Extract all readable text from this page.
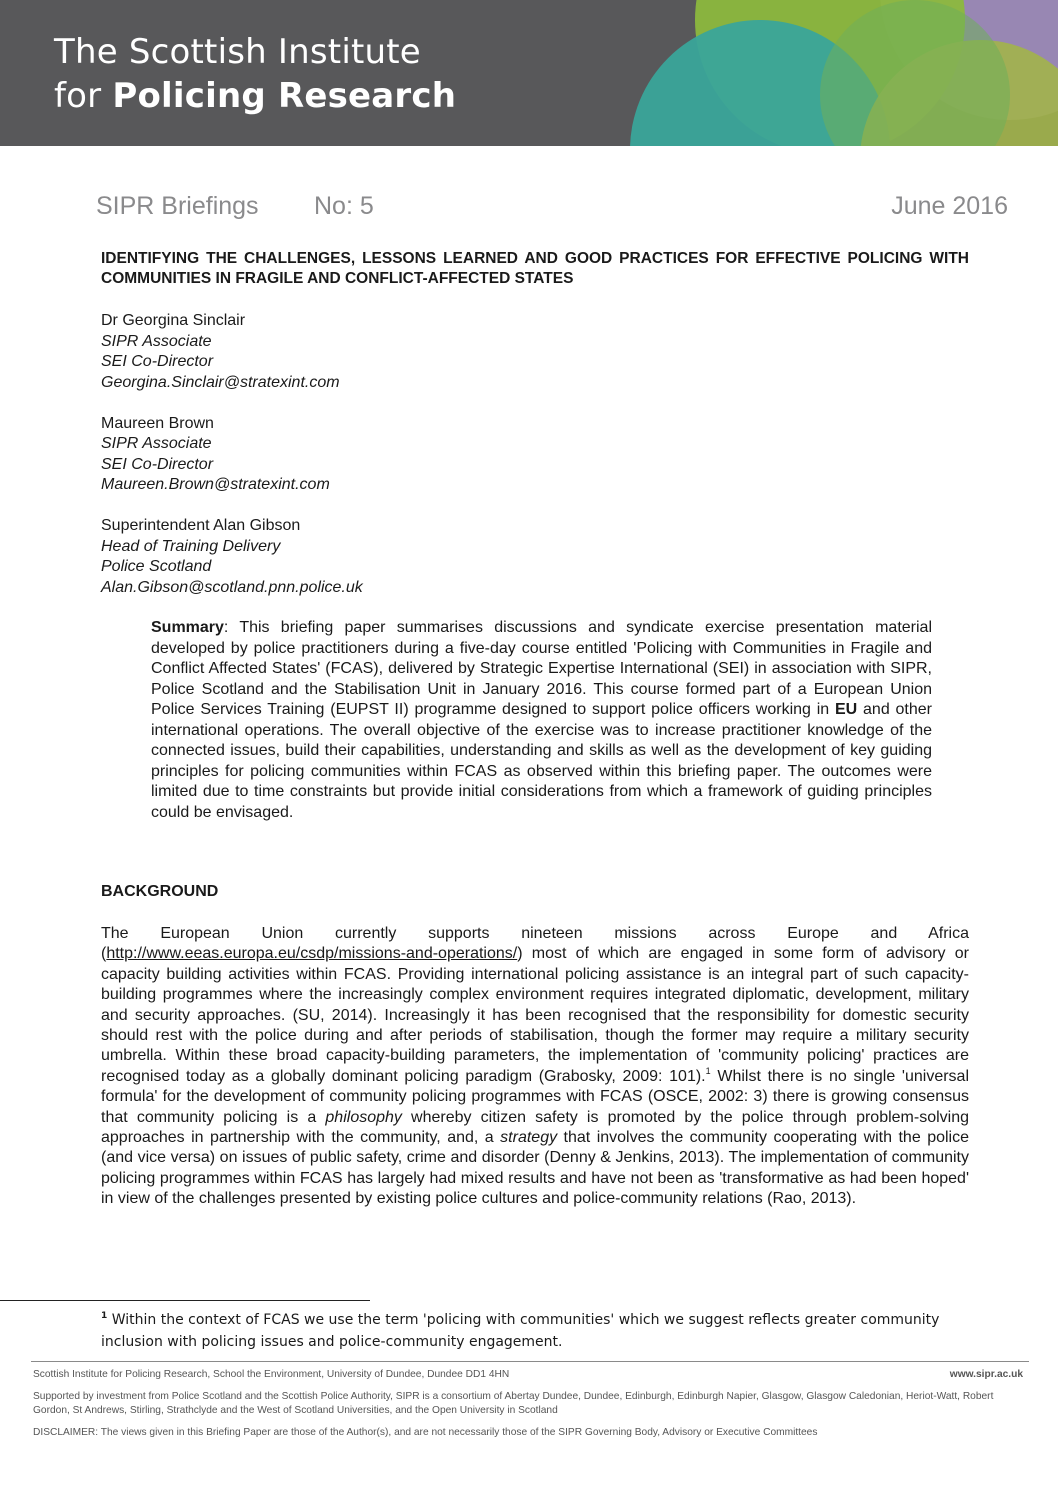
The Scottish Institute
for Policing Research
SIPR Briefings No: 5	June 2016
IDENTIFYING THE CHALLENGES, LESSONS LEARNED AND GOOD PRACTICES FOR EFFECTIVE POLICING WITH COMMUNITIES IN FRAGILE AND CONFLICT-AFFECTED STATES
Dr Georgina Sinclair
SIPR Associate
SEI Co-Director
Georgina.Sinclair@stratexint.com
Maureen Brown
SIPR Associate
SEI Co-Director
Maureen.Brown@stratexint.com
Superintendent Alan Gibson
Head of Training Delivery
Police Scotland
Alan.Gibson@scotland.pnn.police.uk
Summary: This briefing paper summarises discussions and syndicate exercise presentation material developed by police practitioners during a five-day course entitled 'Policing with Communities in Fragile and Conflict Affected States' (FCAS), delivered by Strategic Expertise International (SEI) in association with SIPR, Police Scotland and the Stabilisation Unit in January 2016. This course formed part of a European Union Police Services Training (EUPST II) programme designed to support police officers working in EU and other international operations. The overall objective of the exercise was to increase practitioner knowledge of the connected issues, build their capabilities, understanding and skills as well as the development of key guiding principles for policing communities within FCAS as observed within this briefing paper. The outcomes were limited due to time constraints but provide initial considerations from which a framework of guiding principles could be envisaged.
BACKGROUND
The European Union currently supports nineteen missions across Europe and Africa (http://www.eeas.europa.eu/csdp/missions-and-operations/) most of which are engaged in some form of advisory or capacity building activities within FCAS. Providing international policing assistance is an integral part of such capacity-building programmes where the increasingly complex environment requires integrated diplomatic, development, military and security approaches. (SU, 2014). Increasingly it has been recognised that the responsibility for domestic security should rest with the police during and after periods of stabilisation, though the former may require a military security umbrella. Within these broad capacity-building parameters, the implementation of 'community policing' practices are recognised today as a globally dominant policing paradigm (Grabosky, 2009: 101).$^1$ Whilst there is no single 'universal formula' for the development of community policing programmes with FCAS (OSCE, 2002: 3) there is growing consensus that community policing is a philosophy whereby citizen safety is promoted by the police through problem-solving approaches in partnership with the community, and, a strategy that involves the community cooperating with the police (and vice versa) on issues of public safety, crime and disorder (Denny & Jenkins, 2013). The implementation of community policing programmes within FCAS has largely had mixed results and have not been as 'transformative as had been hoped' in view of the challenges presented by existing police cultures and police-community relations (Rao, 2013).
$^1$ Within the context of FCAS we use the term 'policing with communities' which we suggest reflects greater community inclusion with policing issues and police-community engagement.
Scottish Institute for Policing Research, School the Environment, University of Dundee, Dundee DD1 4HN	www.sipr.ac.uk
Supported by investment from Police Scotland and the Scottish Police Authority, SIPR is a consortium of Abertay Dundee, Dundee, Edinburgh, Edinburgh Napier, Glasgow, Glasgow Caledonian, Heriot-Watt, Robert Gordon, St Andrews, Stirling, Strathclyde and the West of Scotland Universities, and the Open University in Scotland
DISCLAIMER: The views given in this Briefing Paper are those of the Author(s), and are not necessarily those of the SIPR Governing Body, Advisory or Executive Committees
